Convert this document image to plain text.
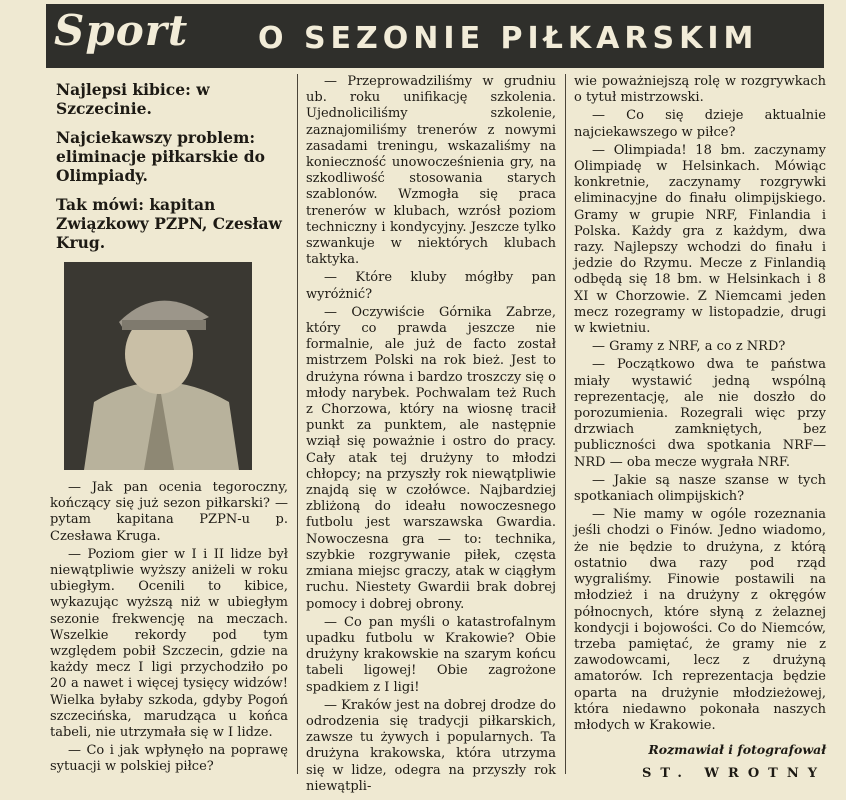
Sport O SEZONIE PIŁKARSKIM
Najlepsi kibice: w Szczecinie.
Najciekawszy problem: eliminacje piłkarskie do Olimpiady.
Tak mówi: kapitan Związkowy PZPN, Czesław Krug.

— Jak pan ocenia tegoroczny, kończący się już sezon piłkarski? — pytam kapitana PZPN-u p. Czesława Kruga.

— Poziom gier w I i II lidze był niewątpliwie wyższy aniżeli w roku ubiegłym. Ocenili to kibice, wykazując wyższą niż w ubiegłym sezonie frekwencję na meczach. Wszelkie rekordy pod tym względem pobił Szczecin, gdzie na każdy mecz I ligi przychodziło po 20 a nawet i więcej tysięcy widzów! Wielka byłaby szkoda, gdyby Pogoń szczecińska, marudząca u końca tabeli, nie utrzymała się w I lidze.

— Co i jak wpłynęło na poprawę sytuacji w polskiej piłce?

— Przeprowadziliśmy w grudniu ub. roku unifikację szkolenia. Ujednoliciliśmy szkolenie, zaznajomiliśmy trenerów z nowymi zasadami treningu, wskazaliśmy na konieczność unowocześnienia gry, na szkodliwość stosowania starych szablonów. Wzmogła się praca trenerów w klubach, wzrósł poziom techniczny i kondycyjny. Jeszcze tylko szwankuje w niektórych klubach taktyka.

— Które kluby mógłby pan wyróżnić?

— Oczywiście Górnika Zabrze, który co prawda jeszcze nie formalnie, ale już de facto został mistrzem Polski na rok bież. Jest to drużyna równa i bardzo troszczy się o młody narybek. Pochwalam też Ruch z Chorzowa, który na wiosnę tracił punkt za punktem, ale następnie wziął się poważnie i ostro do pracy. Cały atak tej drużyny to młodzi chłopcy; na przyszły rok niewątpliwie znajdą się w czołówce. Najbardziej zbliżoną do ideału nowoczesnego futbolu jest warszawska Gwardia. Nowoczesna gra — to: technika, szybkie rozgrywanie piłek, częsta zmiana miejsc graczy, atak w ciągłym ruchu. Niestety Gwardii brak dobrej pomocy i dobrej obrony.

— Co pan myśli o katastrofalnym upadku futbolu w Krakowie? Obie drużyny krakowskie na szarym końcu tabeli ligowej! Obie zagrożone spadkiem z I ligi!

— Kraków jest na dobrej drodze do odrodzenia się tradycji piłkarskich, zawsze tu żywych i popularnych. Ta drużyna krakowska, która utrzyma się w lidze, odegra na przyszły rok niewątpli-

wie poważniejszą rolę w rozgrywkach o tytuł mistrzowski.

— Co się dzieje aktualnie najciekawszego w piłce?

— Olimpiada! 18 bm. zaczynamy Olimpiadę w Helsinkach. Mówiąc konkretnie, zaczynamy rozgrywki eliminacyjne do finału olimpijskiego. Gramy w grupie NRF, Finlandia i Polska. Każdy gra z każdym, dwa razy. Najlepszy wchodzi do finału i jedzie do Rzymu. Mecze z Finlandią odbędą się 18 bm. w Helsinkach i 8 XI w Chorzowie. Z Niemcami jeden mecz rozegramy w listopadzie, drugi w kwietniu.

— Gramy z NRF, a co z NRD?

— Początkowo dwa te państwa miały wystawić jedną wspólną reprezentację, ale nie doszło do porozumienia. Rozegrali więc przy drzwiach zamkniętych, bez publiczności dwa spotkania NRF—NRD — oba mecze wygrała NRF.

— Jakie są nasze szanse w tych spotkaniach olimpijskich?

— Nie mamy w ogóle rozeznania jeśli chodzi o Finów. Jedno wiadomo, że nie będzie to drużyna, z którą ostatnio dwa razy pod rząd wygraliśmy. Finowie postawili na młodzież i na drużyny z okręgów północnych, które słyną z żelaznej kondycji i bojowości. Co do Niemców, trzeba pamiętać, że gramy nie z zawodowcami, lecz z drużyną amatorów. Ich reprezentacja będzie oparta na drużynie młodzieżowej, która niedawno pokonała naszych młodych w Krakowie.

Rozmawiał i fotografował
ST. WROTNY
